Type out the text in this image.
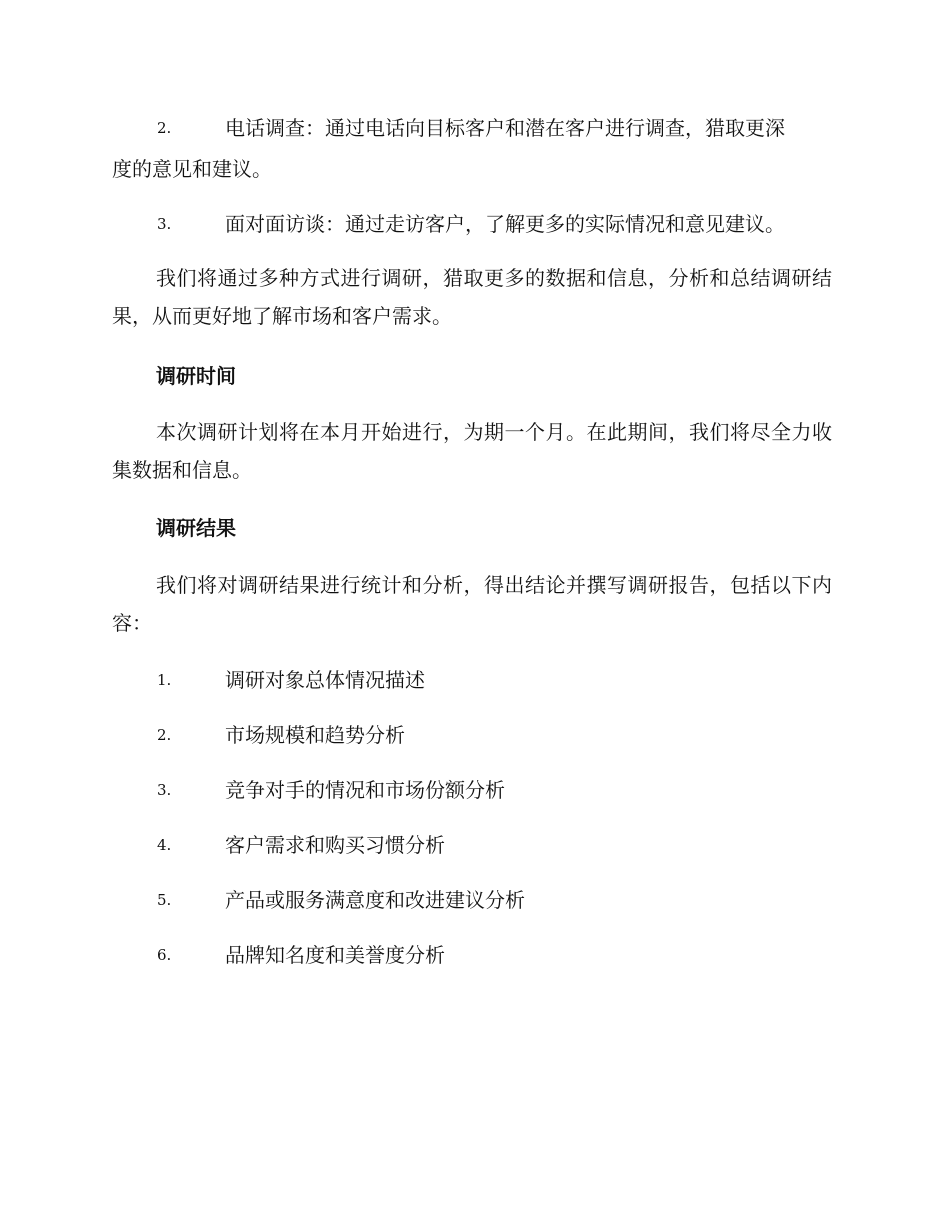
2.	电话调查：通过电话向目标客户和潜在客户进行调查，猎取更深
度的意见和建议。
3.	面对面访谈：通过走访客户，了解更多的实际情况和意见建议。

我们将通过多种方式进行调研，猎取更多的数据和信息，分析和总结调研结果，从而更好地了解市场和客户需求。

调研时间

本次调研计划将在本月开始进行，为期一个月。在此期间，我们将尽全力收集数据和信息。

调研结果

我们将对调研结果进行统计和分析，得出结论并撰写调研报告，包括以下内容：

1.	调研对象总体情况描述
2.	市场规模和趋势分析
3.	竞争对手的情况和市场份额分析
4.	客户需求和购买习惯分析
5.	产品或服务满意度和改进建议分析
6.	品牌知名度和美誉度分析
